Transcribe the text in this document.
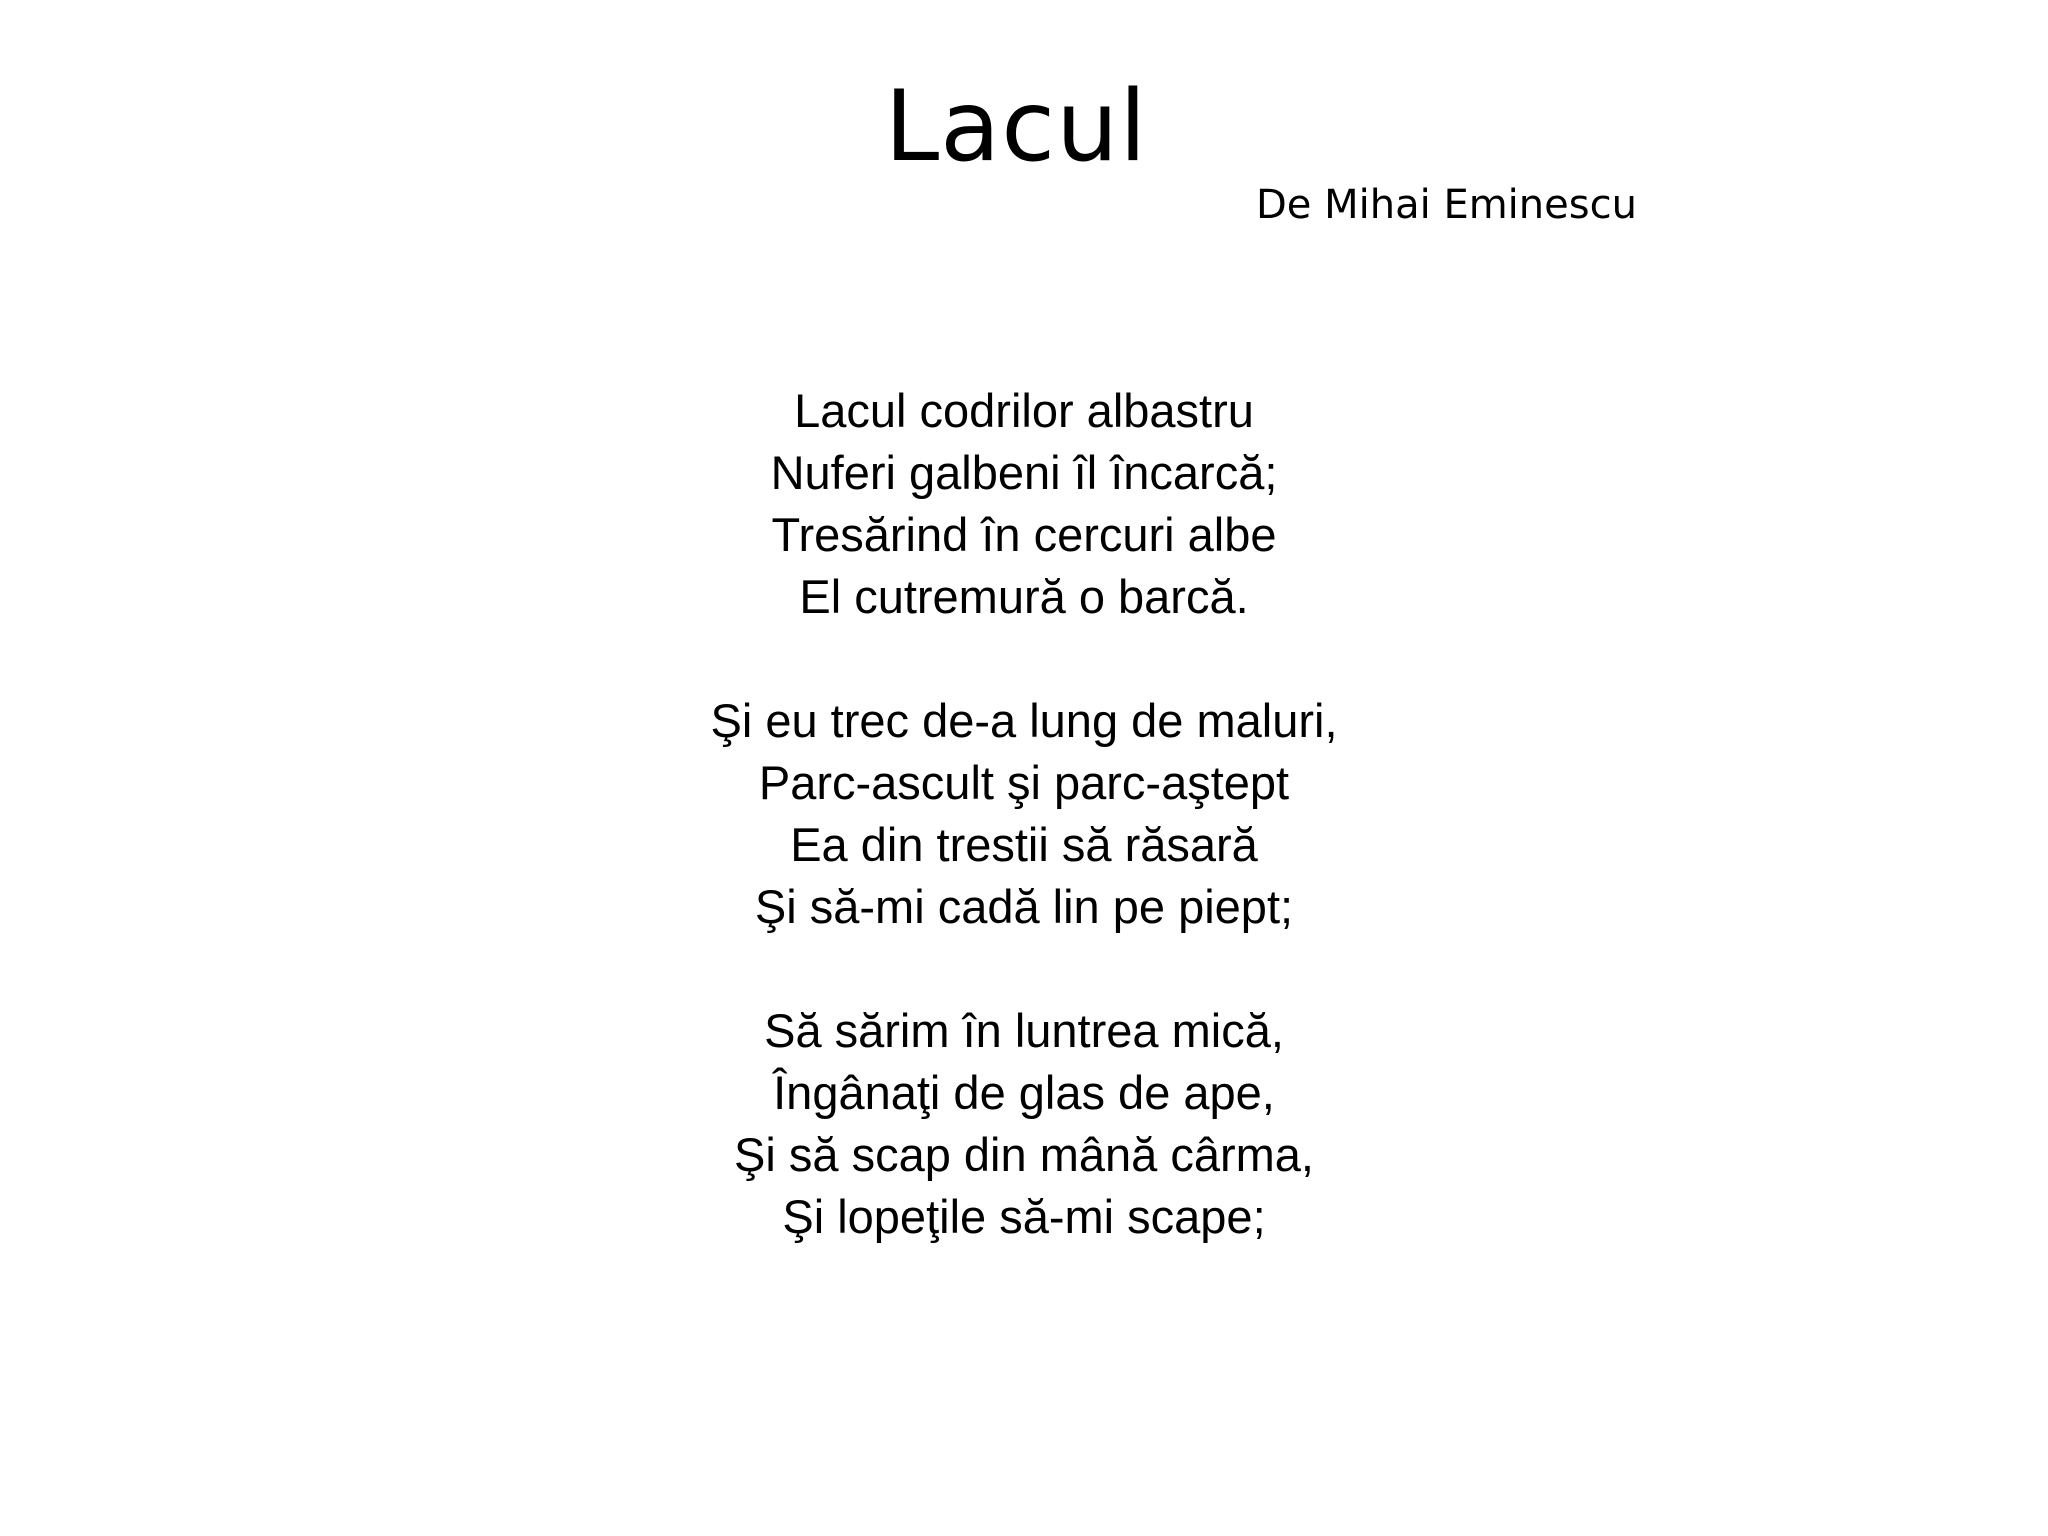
Lacul
De Mihai Eminescu
Lacul codrilor albastru
Nuferi galbeni îl încarcă;
Tresărind în cercuri albe
El cutremură o barcă.
Şi eu trec de-a lung de maluri,
Parc-ascult şi parc-aştept
Ea din trestii să răsară
Şi să-mi cadă lin pe piept;
Să sărim în luntrea mică,
Îngânaţi de glas de ape,
Şi să scap din mână cârma,
Şi lopeţile să-mi scape;
